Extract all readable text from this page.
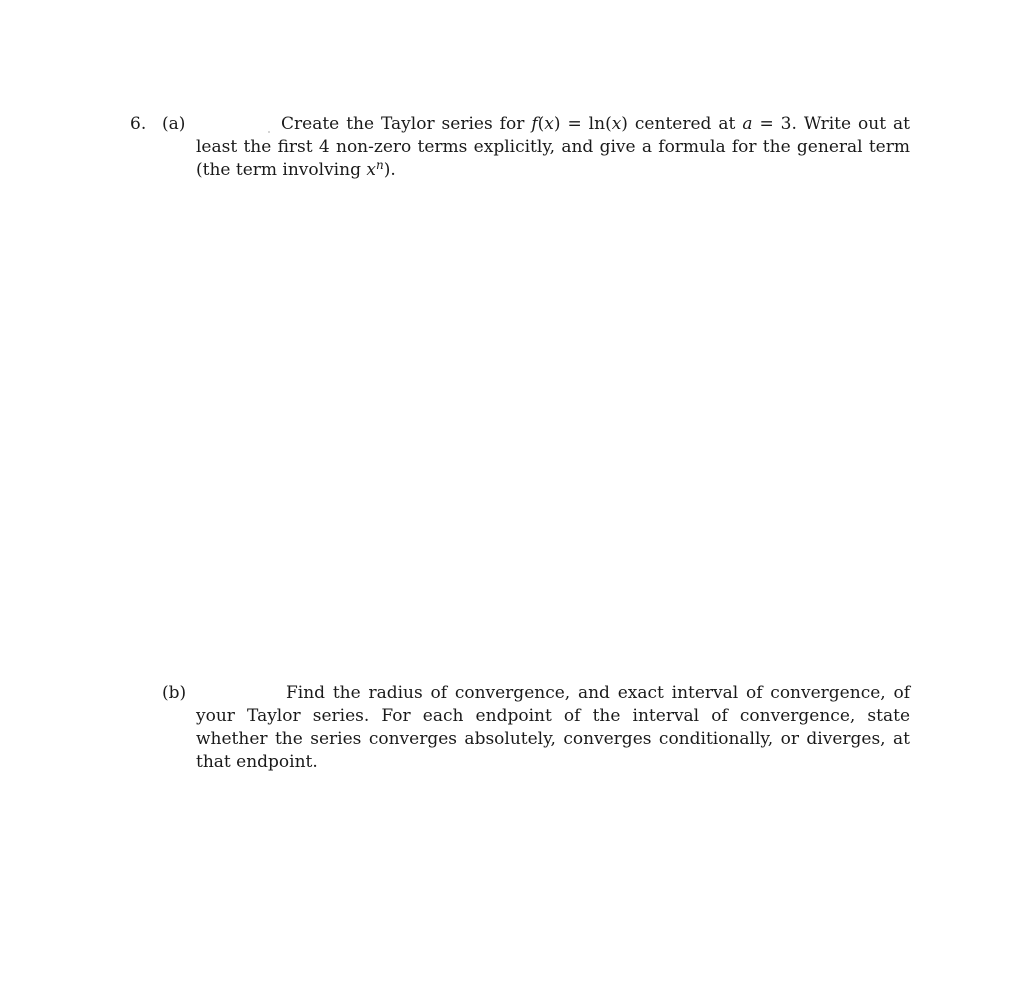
6. (a)	Create the Taylor series for f(x) = ln(x) centered at a = 3. Write out at least the first 4 non-zero terms explicitly, and give a formula for the general term (the term involving $x^n$).
(b)	Find the radius of convergence, and exact interval of convergence, of your Taylor series. For each endpoint of the interval of convergence, state whether the series converges absolutely, converges conditionally, or diverges, at that endpoint.
